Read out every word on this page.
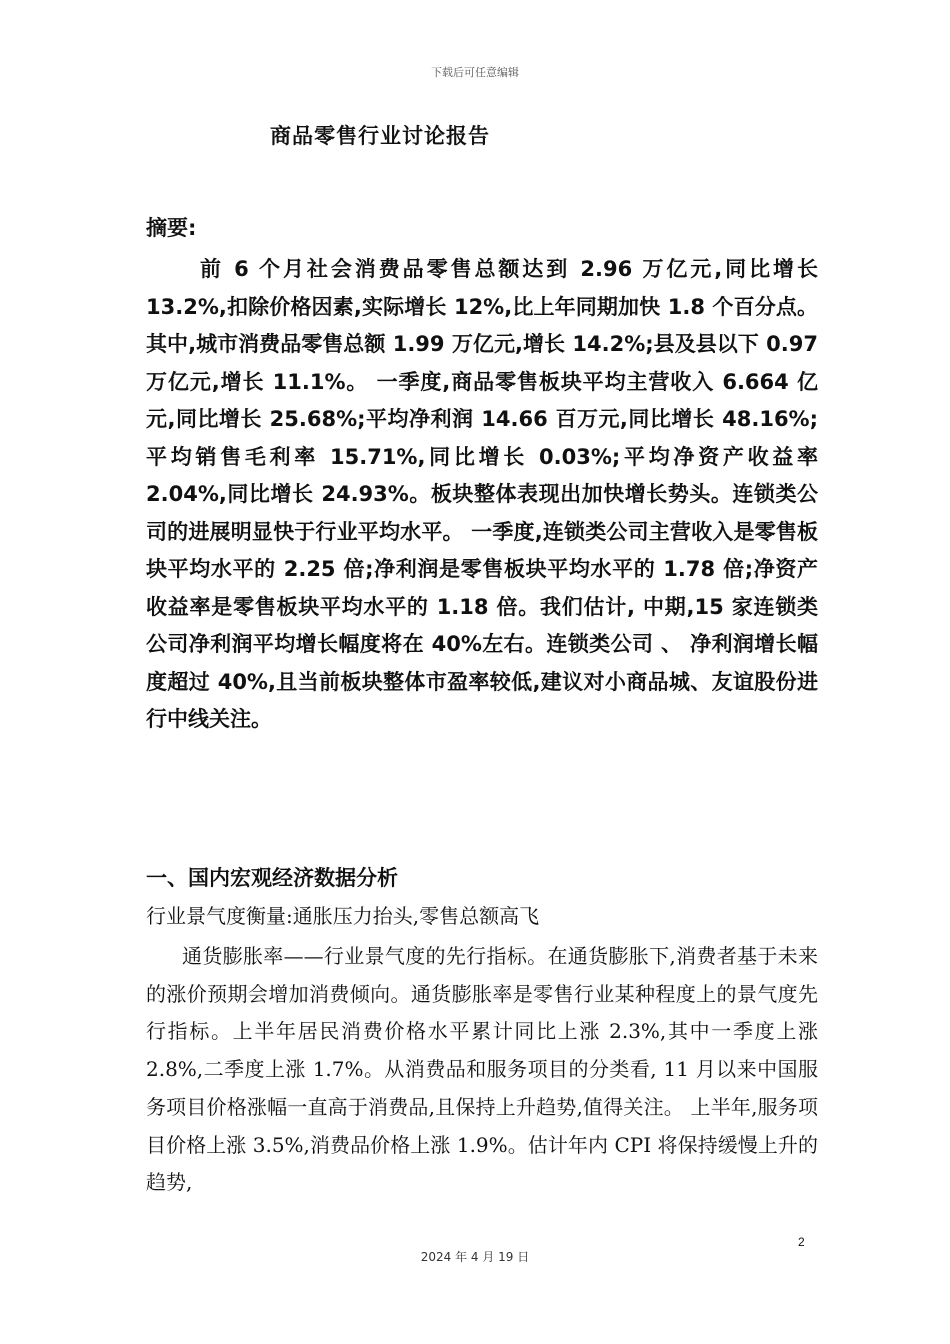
下载后可任意编辑
商品零售行业讨论报告
摘要:

前 6 个月社会消费品零售总额达到 2.96 万亿元,同比增长 13.2%,扣除价格因素,实际增长 12%,比上年同期加快 1.8 个百分点。其中,城市消费品零售总额 1.99 万亿元,增长 14.2%;县及县以下 0.97 万亿元,增长 11.1%。 一季度,商品零售板块平均主营收入 6.664 亿元,同比增长 25.68%;平均净利润 14.66 百万元,同比增长 48.16%;平均销售毛利率 15.71%,同比增长 0.03%;平均净资产收益率 2.04%,同比增长 24.93%。板块整体表现出加快增长势头。连锁类公司的进展明显快于行业平均水平。 一季度,连锁类公司主营收入是零售板块平均水平的 2.25 倍;净利润是零售板块平均水平的 1.78 倍;净资产收益率是零售板块平均水平的 1.18 倍。我们估计, 中期,15 家连锁类公司净利润平均增长幅度将在 40%左右。连锁类公司 、 净利润增长幅度超过 40%,且当前板块整体市盈率较低,建议对小商品城、友谊股份进行中线关注。

一、国内宏观经济数据分析
行业景气度衡量:通胀压力抬头,零售总额高飞

通货膨胀率——行业景气度的先行指标。在通货膨胀下,消费者基于未来的涨价预期会增加消费倾向。通货膨胀率是零售行业某种程度上的景气度先行指标。上半年居民消费价格水平累计同比上涨 2.3%,其中一季度上涨 2.8%,二季度上涨 1.7%。从消费品和服务项目的分类看, 11 月以来中国服务项目价格涨幅一直高于消费品,且保持上升趋势,值得关注。 上半年,服务项目价格上涨 3.5%,消费品价格上涨 1.9%。估计年内 CPI 将保持缓慢上升的趋势,

2
2024 年 4 月 19 日
